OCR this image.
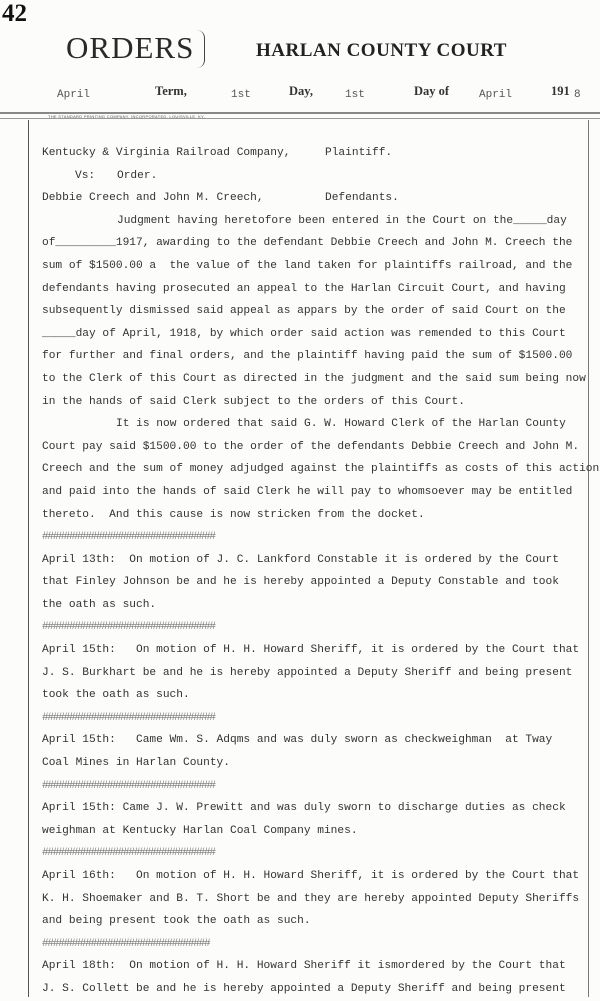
42
ORDERS	HARLAN COUNTY COURT
April	Term,	1st	Day,	1st	Day of	April	191 8
THE STANDARD PRINTING COMPANY, INCORPORATED, LOUISVILLE, KY.
Kentucky & Virginia Railroad Company,	Plaintiff.
Vs: Order.
Debbie Creech and John M. Creech,	Defendants.
Judgment having heretofore been entered in the Court on the_____day
of_________1917, awarding to the defendant Debbie Creech and John M. Creech the
sum of $1500.00 a  the value of the land taken for plaintiffs railroad, and the
defendants having prosecuted an appeal to the Harlan Circuit Court, and having
subsequently dismissed said appeal as appars by the order of said Court on the
_____day of April, 1918, by which order said action was remended to this Court
for further and final orders, and the plaintiff having paid the sum of $1500.00
to the Clerk of this Court as directed in the judgment and the said sum being now
in the hands of said Clerk subject to the orders of this Court.
It is now ordered that said G. W. Howard Clerk of the Harlan County
Court pay said $1500.00 to the order of the defendants Debbie Creech and John M.
Creech and the sum of money adjudged against the plaintiffs as costs of this action
and paid into the hands of said Clerk he will pay to whomsoever may be entitled
thereto.  And this cause is now stricken from the docket.
################################
April 13th:  On motion of J. C. Lankford Constable it is ordered by the Court
that Finley Johnson be and he is hereby appointed a Deputy Constable and took
the oath as such.
################################
April 15th:   On motion of H. H. Howard Sheriff, it is ordered by the Court that
J. S. Burkhart be and he is hereby appointed a Deputy Sheriff and being present
took the oath as such.
################################
April 15th:   Came Wm. S. Adqms and was duly sworn as checkweighman  at Tway
Coal Mines in Harlan County.
################################
April 15th: Came J. W. Prewitt and was duly sworn to discharge duties as check
weighman at Kentucky Harlan Coal Company mines.
################################
April 16th:   On motion of H. H. Howard Sheriff, it is ordered by the Court that
K. H. Shoemaker and B. T. Short be and they are hereby appointed Deputy Sheriffs
and being present took the oath as such.
###############################
April 18th:  On motion of H. H. Howard Sheriff it ismordered by the Court that
J. S. Collett be and he is hereby appointed a Deputy Sheriff and being present
